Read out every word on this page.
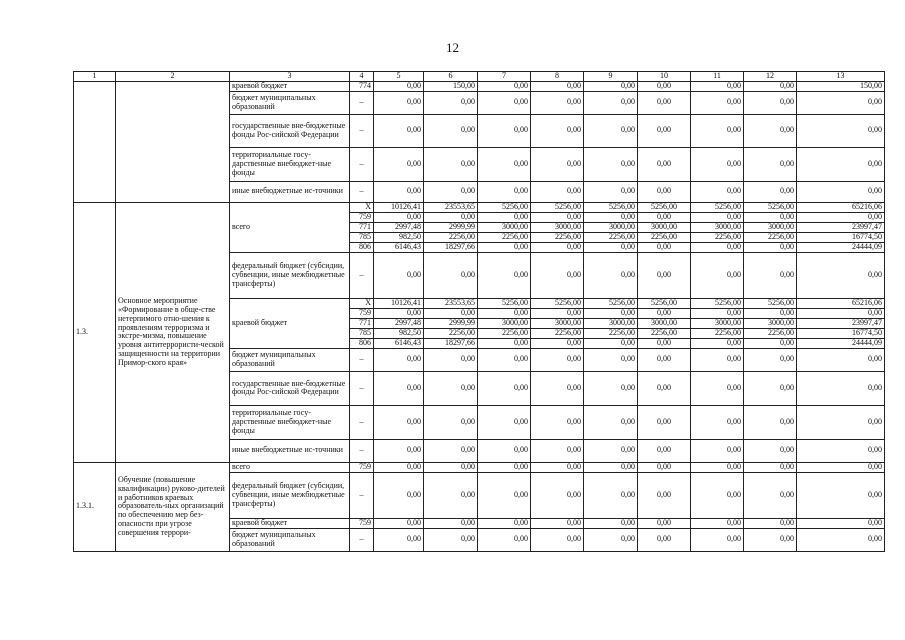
12
1	2	3	4	5	6	7	8	9	10	11	12	13
		краевой бюджет	774	0,00	150,00	0,00	0,00	0,00	0,00	0,00	0,00	150,00
		бюджет муниципальных образований	–	0,00	0,00	0,00	0,00	0,00	0,00	0,00	0,00	0,00
		государственные вне-бюджетные фонды Рос-сийской Федерации	–	0,00	0,00	0,00	0,00	0,00	0,00	0,00	0,00	0,00
		территориальные госу-дарственные внебюджет-ные фонды	–	0,00	0,00	0,00	0,00	0,00	0,00	0,00	0,00	0,00
		иные внебюджетные ис-точники	–	0,00	0,00	0,00	0,00	0,00	0,00	0,00	0,00	0,00
1.3.	Основное мероприятие «Формирование в обще-стве нетерпимого отно-шения к проявлениям терроризма и экстре-мизма, повышение уровня антитеррористи-ческой защищенности на территории Примор-ского края»	всего	X	10126,41	23553,65	5256,00	5256,00	5256,00	5256,00	5256,00	5256,00	65216,06
			759	0,00	0,00	0,00	0,00	0,00	0,00	0,00	0,00	0,00
			771	2997,48	2999,99	3000,00	3000,00	3000,00	3000,00	3000,00	3000,00	23997,47
			785	982,50	2256,00	2256,00	2256,00	2256,00	2256,00	2256,00	2256,00	16774,50
			806	6146,43	18297,66	0,00	0,00	0,00	0,00	0,00	0,00	24444,09
		федеральный бюджет (субсидии, субвенции, иные межбюджетные трансферты)	–	0,00	0,00	0,00	0,00	0,00	0,00	0,00	0,00	0,00
		краевой бюджет	X	10126,41	23553,65	5256,00	5256,00	5256,00	5256,00	5256,00	5256,00	65216,06
			759	0,00	0,00	0,00	0,00	0,00	0,00	0,00	0,00	0,00
			771	2997,48	2999,99	3000,00	3000,00	3000,00	3000,00	3000,00	3000,00	23997,47
			785	982,50	2256,00	2256,00	2256,00	2256,00	2256,00	2256,00	2256,00	16774,50
			806	6146,43	18297,66	0,00	0,00	0,00	0,00	0,00	0,00	24444,09
		бюджет муниципальных образований	–	0,00	0,00	0,00	0,00	0,00	0,00	0,00	0,00	0,00
		государственные вне-бюджетные фонды Рос-сийской Федерации	–	0,00	0,00	0,00	0,00	0,00	0,00	0,00	0,00	0,00
		территориальные госу-дарственные внебюджет-ные фонды	–	0,00	0,00	0,00	0,00	0,00	0,00	0,00	0,00	0,00
		иные внебюджетные ис-точники	–	0,00	0,00	0,00	0,00	0,00	0,00	0,00	0,00	0,00
1.3.1.	Обучение (повышение квалификации) руково-дителей и работников краевых образователь-ных организаций по обеспечению мер без-опасности при угрозе совершения террори-	всего	759	0,00	0,00	0,00	0,00	0,00	0,00	0,00	0,00	0,00
		федеральный бюджет (субсидии, субвенции, иные межбюджетные трансферты)	–	0,00	0,00	0,00	0,00	0,00	0,00	0,00	0,00	0,00
		краевой бюджет	759	0,00	0,00	0,00	0,00	0,00	0,00	0,00	0,00	0,00
		бюджет муниципальных образований	–	0,00	0,00	0,00	0,00	0,00	0,00	0,00	0,00	0,00
